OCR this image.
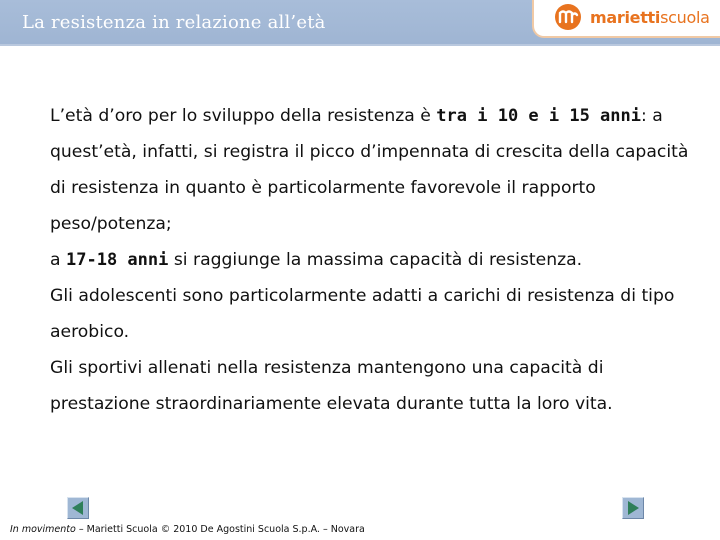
La resistenza in relazione all’età	mariettiscuola

L’età d’oro per lo sviluppo della resistenza è tra i 10 e i 15 anni: a quest’età, infatti, si registra il picco d’impennata di crescita della capacità di resistenza in quanto è particolarmente favorevole il rapporto peso/potenza;

a 17-18 anni si raggiunge la massima capacità di resistenza.

Gli adolescenti sono particolarmente adatti a carichi di resistenza di tipo aerobico.

Gli sportivi allenati nella resistenza mantengono una capacità di prestazione straordinariamente elevata durante tutta la loro vita.

In movimento – Marietti Scuola © 2010 De Agostini Scuola S.p.A. – Novara
